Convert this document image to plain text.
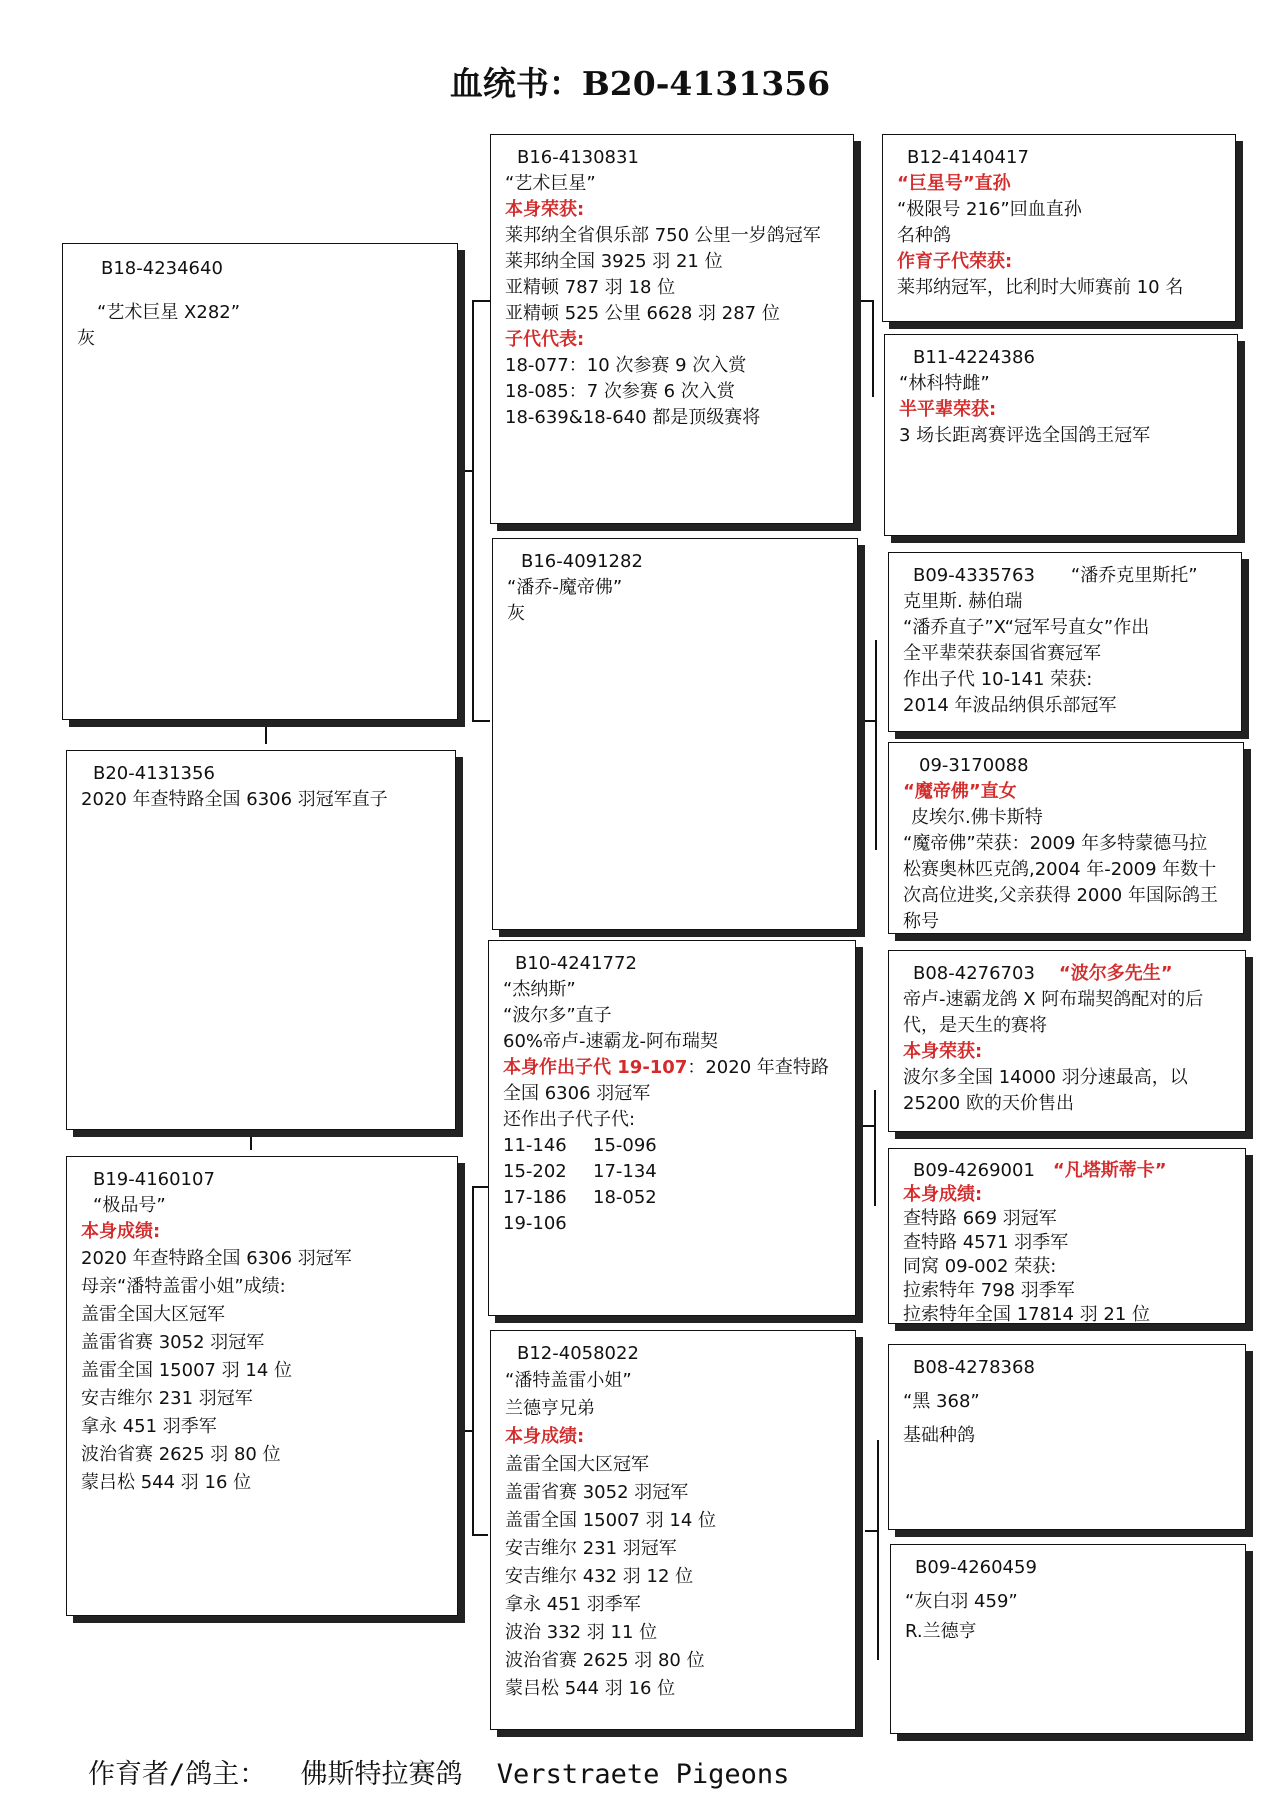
血统书：B20-4131356
B18-4234640
“艺术巨星 X282”
灰
B20-4131356
2020 年查特路全国 6306 羽冠军直子
B19-4160107
“极品号”
本身成绩:
2020 年查特路全国 6306 羽冠军
母亲“潘特盖雷小姐”成绩:
盖雷全国大区冠军
盖雷省赛 3052 羽冠军
盖雷全国 15007 羽 14 位
安吉维尔 231 羽冠军
拿永 451 羽季军
波治省赛 2625 羽 80 位
蒙吕松 544 羽 16 位
B16-4130831
“艺术巨星”
本身荣获:
莱邦纳全省俱乐部 750 公里一岁鸽冠军
莱邦纳全国 3925 羽 21 位
亚精顿 787 羽 18 位
亚精顿 525 公里 6628 羽 287 位
子代代表:
18-077：10 次参赛 9 次入赏
18-085：7 次参赛 6 次入赏
18-639&18-640 都是顶级赛将
B16-4091282
“潘乔-魔帝佛”
灰
B10-4241772
“杰纳斯”
“波尔多”直子
60%帝卢-速霸龙-阿布瑞契
本身作出子代 19-107：2020 年查特路全国 6306 羽冠军
还作出子代子代:
11-146	15-096
15-202	17-134
17-186	18-052
19-106
B12-4058022
“潘特盖雷小姐”
兰德亨兄弟
本身成绩:
盖雷全国大区冠军
盖雷省赛 3052 羽冠军
盖雷全国 15007 羽 14 位
安吉维尔 231 羽冠军
安吉维尔 432 羽 12 位
拿永 451 羽季军
波治 332 羽 11 位
波治省赛 2625 羽 80 位
蒙吕松 544 羽 16 位
B12-4140417
“巨星号”直孙
“极限号 216”回血直孙
名种鸽
作育子代荣获:
莱邦纳冠军，比利时大师赛前 10 名
B11-4224386
“林科特雌”
半平辈荣获:
3 场长距离赛评选全国鸽王冠军
B09-4335763 “潘乔克里斯托”
克里斯. 赫伯瑞
“潘乔直子”X“冠军号直女”作出
全平辈荣获泰国省赛冠军
作出子代 10-141 荣获:
2014 年波品纳俱乐部冠军
09-3170088
“魔帝佛”直女
皮埃尔.佛卡斯特
“魔帝佛”荣获：2009 年多特蒙德马拉松赛奥林匹克鸽,2004 年-2009 年数十次高位进奖,父亲获得 2000 年国际鸽王称号
B08-4276703 “波尔多先生”
帝卢-速霸龙鸽 X 阿布瑞契鸽配对的后代，是天生的赛将
本身荣获:
波尔多全国 14000 羽分速最高，以 25200 欧的天价售出
B09-4269001 “凡塔斯蒂卡”
本身成绩:
查特路 669 羽冠军
查特路 4571 羽季军
同窝 09-002 荣获:
拉索特年 798 羽季军
拉索特年全国 17814 羽 21 位
B08-4278368
“黑 368”
基础种鸽
B09-4260459
“灰白羽 459”
R.兰德亨
作育者/鸽主： 佛斯特拉赛鸽 Verstraete Pigeons
